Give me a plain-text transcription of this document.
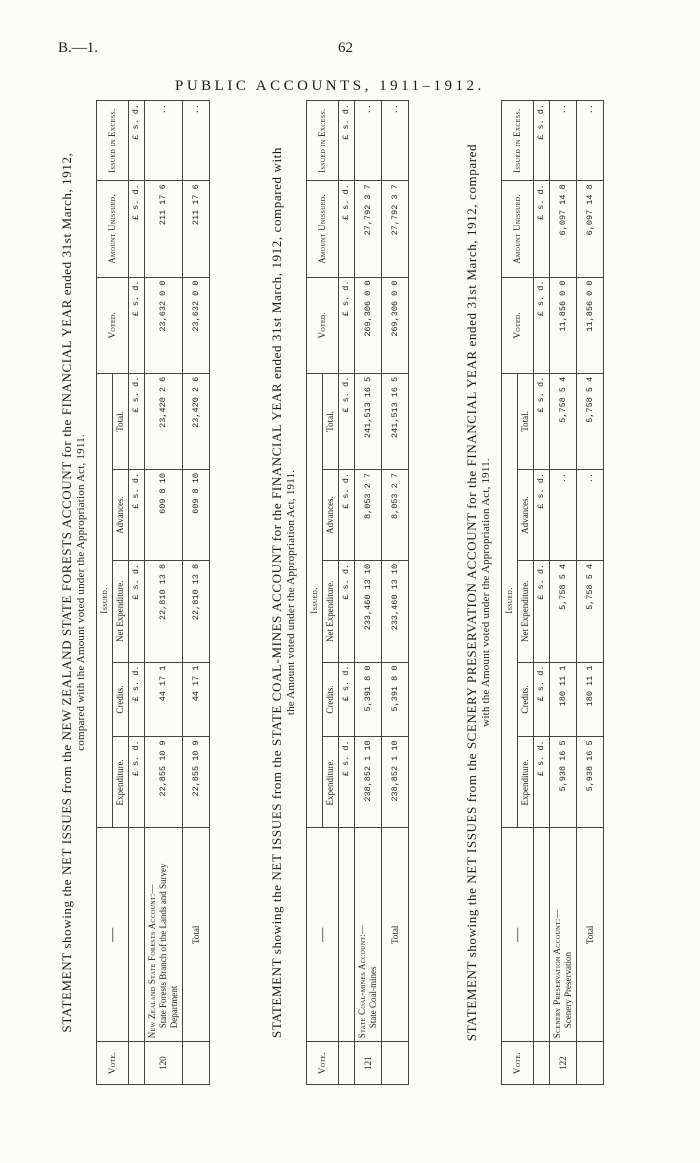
B.—1.	62
PUBLIC ACCOUNTS, 1911–1912.
STATEMENT showing the NET ISSUES from the NEW ZEALAND STATE FORESTS ACCOUNT for the FINANCIAL YEAR ended 31st March, 1912, compared with the Amount voted under the Appropriation Act, 1911.
Vote.	—	Issued.					Voted.	Amount Unissued.	Issued in Excess.
		Expenditure.	Credits.	Net Expenditure.	Advances.	Total.			
		£ s. d.	£ s. d.	£ s. d.	£ s. d.	£ s. d.	£ s. d.	£ s. d.	£ s. d.
120	New Zealand State Forests Account:— State Forests Branch of the Lands and Survey Department	22,855 10 9	44 17 1	22,810 13 8	609 8 10	23,420 2 6	23,632 0 0	211 17 6	..
	Total	22,855 10 9	44 17 1	22,810 13 8	609 8 10	23,420 2 6	23,632 0 0	211 17 6	..
STATEMENT showing the NET ISSUES from the STATE COAL-MINES ACCOUNT for the FINANCIAL YEAR ended 31st March, 1912, compared with the Amount voted under the Appropriation Act, 1911.
Vote.	—	Issued.					Voted.	Amount Unissued.	Issued in Excess.
		Expenditure.	Credits.	Net Expenditure.	Advances.	Total.			
		£ s. d.	£ s. d.	£ s. d.	£ s. d.	£ s. d.	£ s. d.	£ s. d.	£ s. d.
121	State Coal-mines Account:— State Coal-mines	238,852 1 10	5,391 8 0	233,460 13 10	8,053 2 7	241,513 16 5	269,306 0 0	27,792 3 7	..
	Total	238,852 1 10	5,391 8 0	233,460 13 10	8,053 2 7	241,513 16 5	269,306 0 0	27,792 3 7	..
STATEMENT showing the NET ISSUES from the SCENERY PRESERVATION ACCOUNT for the FINANCIAL YEAR ended 31st March, 1912, compared with the Amount voted under the Appropriation Act, 1911.
Vote.	—	Issued.					Voted.	Amount Unissued.	Issued in Excess.
		Expenditure.	Credits.	Net Expenditure.	Advances.	Total.			
		£ s. d.	£ s. d.	£ s. d.	£ s. d.	£ s. d.	£ s. d.	£ s. d.	£ s. d.
122	Scenery Preservation Account:— Scenery Preservation	5,938 16 5	180 11 1	5,758 5 4	..	5,758 5 4	11,856 0 0	6,097 14 8	..
	Total	5,938 16 5	180 11 1	5,758 5 4	..	5,758 5 4	11,856 0 0	6,097 14 8	..
